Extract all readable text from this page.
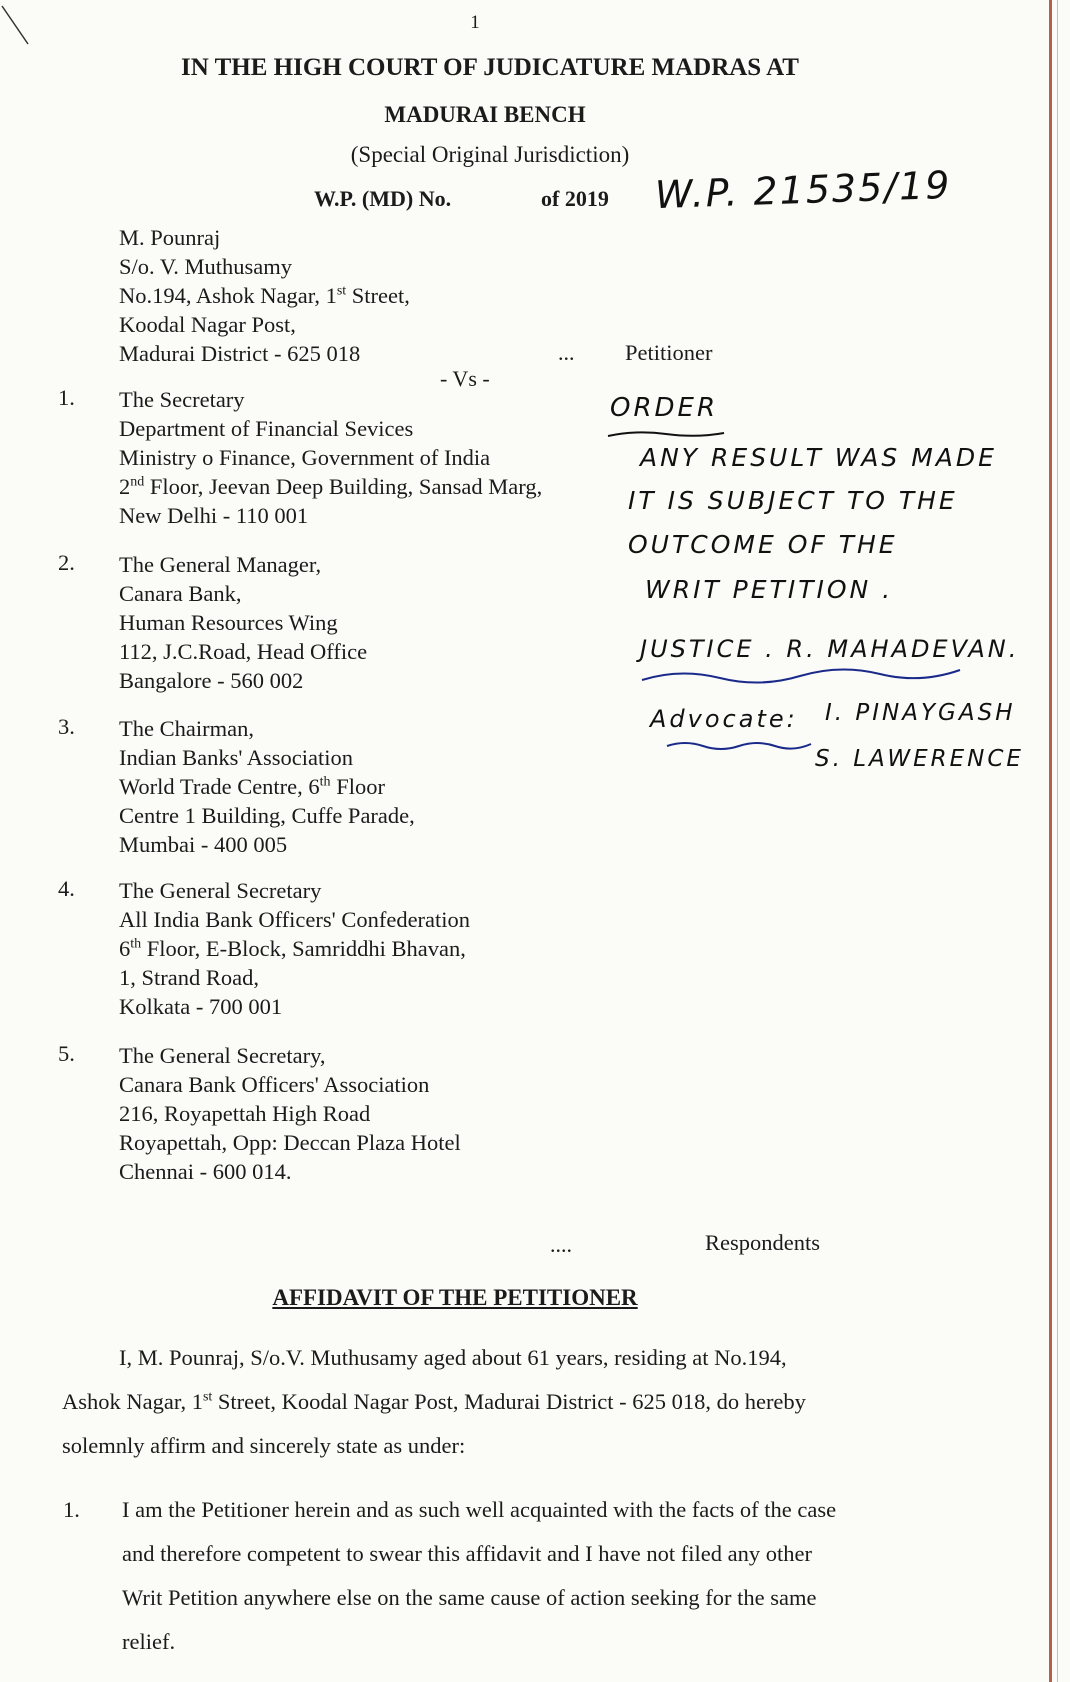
1
IN THE HIGH COURT OF JUDICATURE MADRAS AT
MADURAI BENCH
(Special Original Jurisdiction)
W.P. (MD) No.	of 2019 W.P. 21535/19
M. Pounraj
S/o. V. Muthusamy
No.194, Ashok Nagar, 1st Street,
Koodal Nagar Post,
Madurai District - 625 018	... Petitioner
- Vs -
1. The Secretary
Department of Financial Sevices
Ministry o Finance, Government of India
2nd Floor, Jeevan Deep Building, Sansad Marg,
New Delhi - 110 001
2. The General Manager,
Canara Bank,
Human Resources Wing
112, J.C.Road, Head Office
Bangalore - 560 002
3. The Chairman,
Indian Banks' Association
World Trade Centre, 6th Floor
Centre 1 Building, Cuffe Parade,
Mumbai - 400 005
4. The General Secretary
All India Bank Officers' Confederation
6th Floor, E-Block, Samriddhi Bhavan,
1, Strand Road,
Kolkata - 700 001
5. The General Secretary,
Canara Bank Officers' Association
216, Royapettah High Road
Royapettah, Opp: Deccan Plaza Hotel
Chennai - 600 014.
....	Respondents
ORDER
ANY RESULT WAS MADE
IT IS SUBJECT TO THE
OUTCOME OF THE
WRIT PETITION .
JUSTICE . R. MAHADEVAN.
Advocate: I. PINAYGASH
S. LAWERENCE
AFFIDAVIT OF THE PETITIONER
I, M. Pounraj, S/o.V. Muthusamy aged about 61 years, residing at No.194,
Ashok Nagar, 1st Street, Koodal Nagar Post, Madurai District - 625 018, do hereby
solemnly affirm and sincerely state as under:
1. I am the Petitioner herein and as such well acquainted with the facts of the case
and therefore competent to swear this affidavit and I have not filed any other
Writ Petition anywhere else on the same cause of action seeking for the same
relief.
